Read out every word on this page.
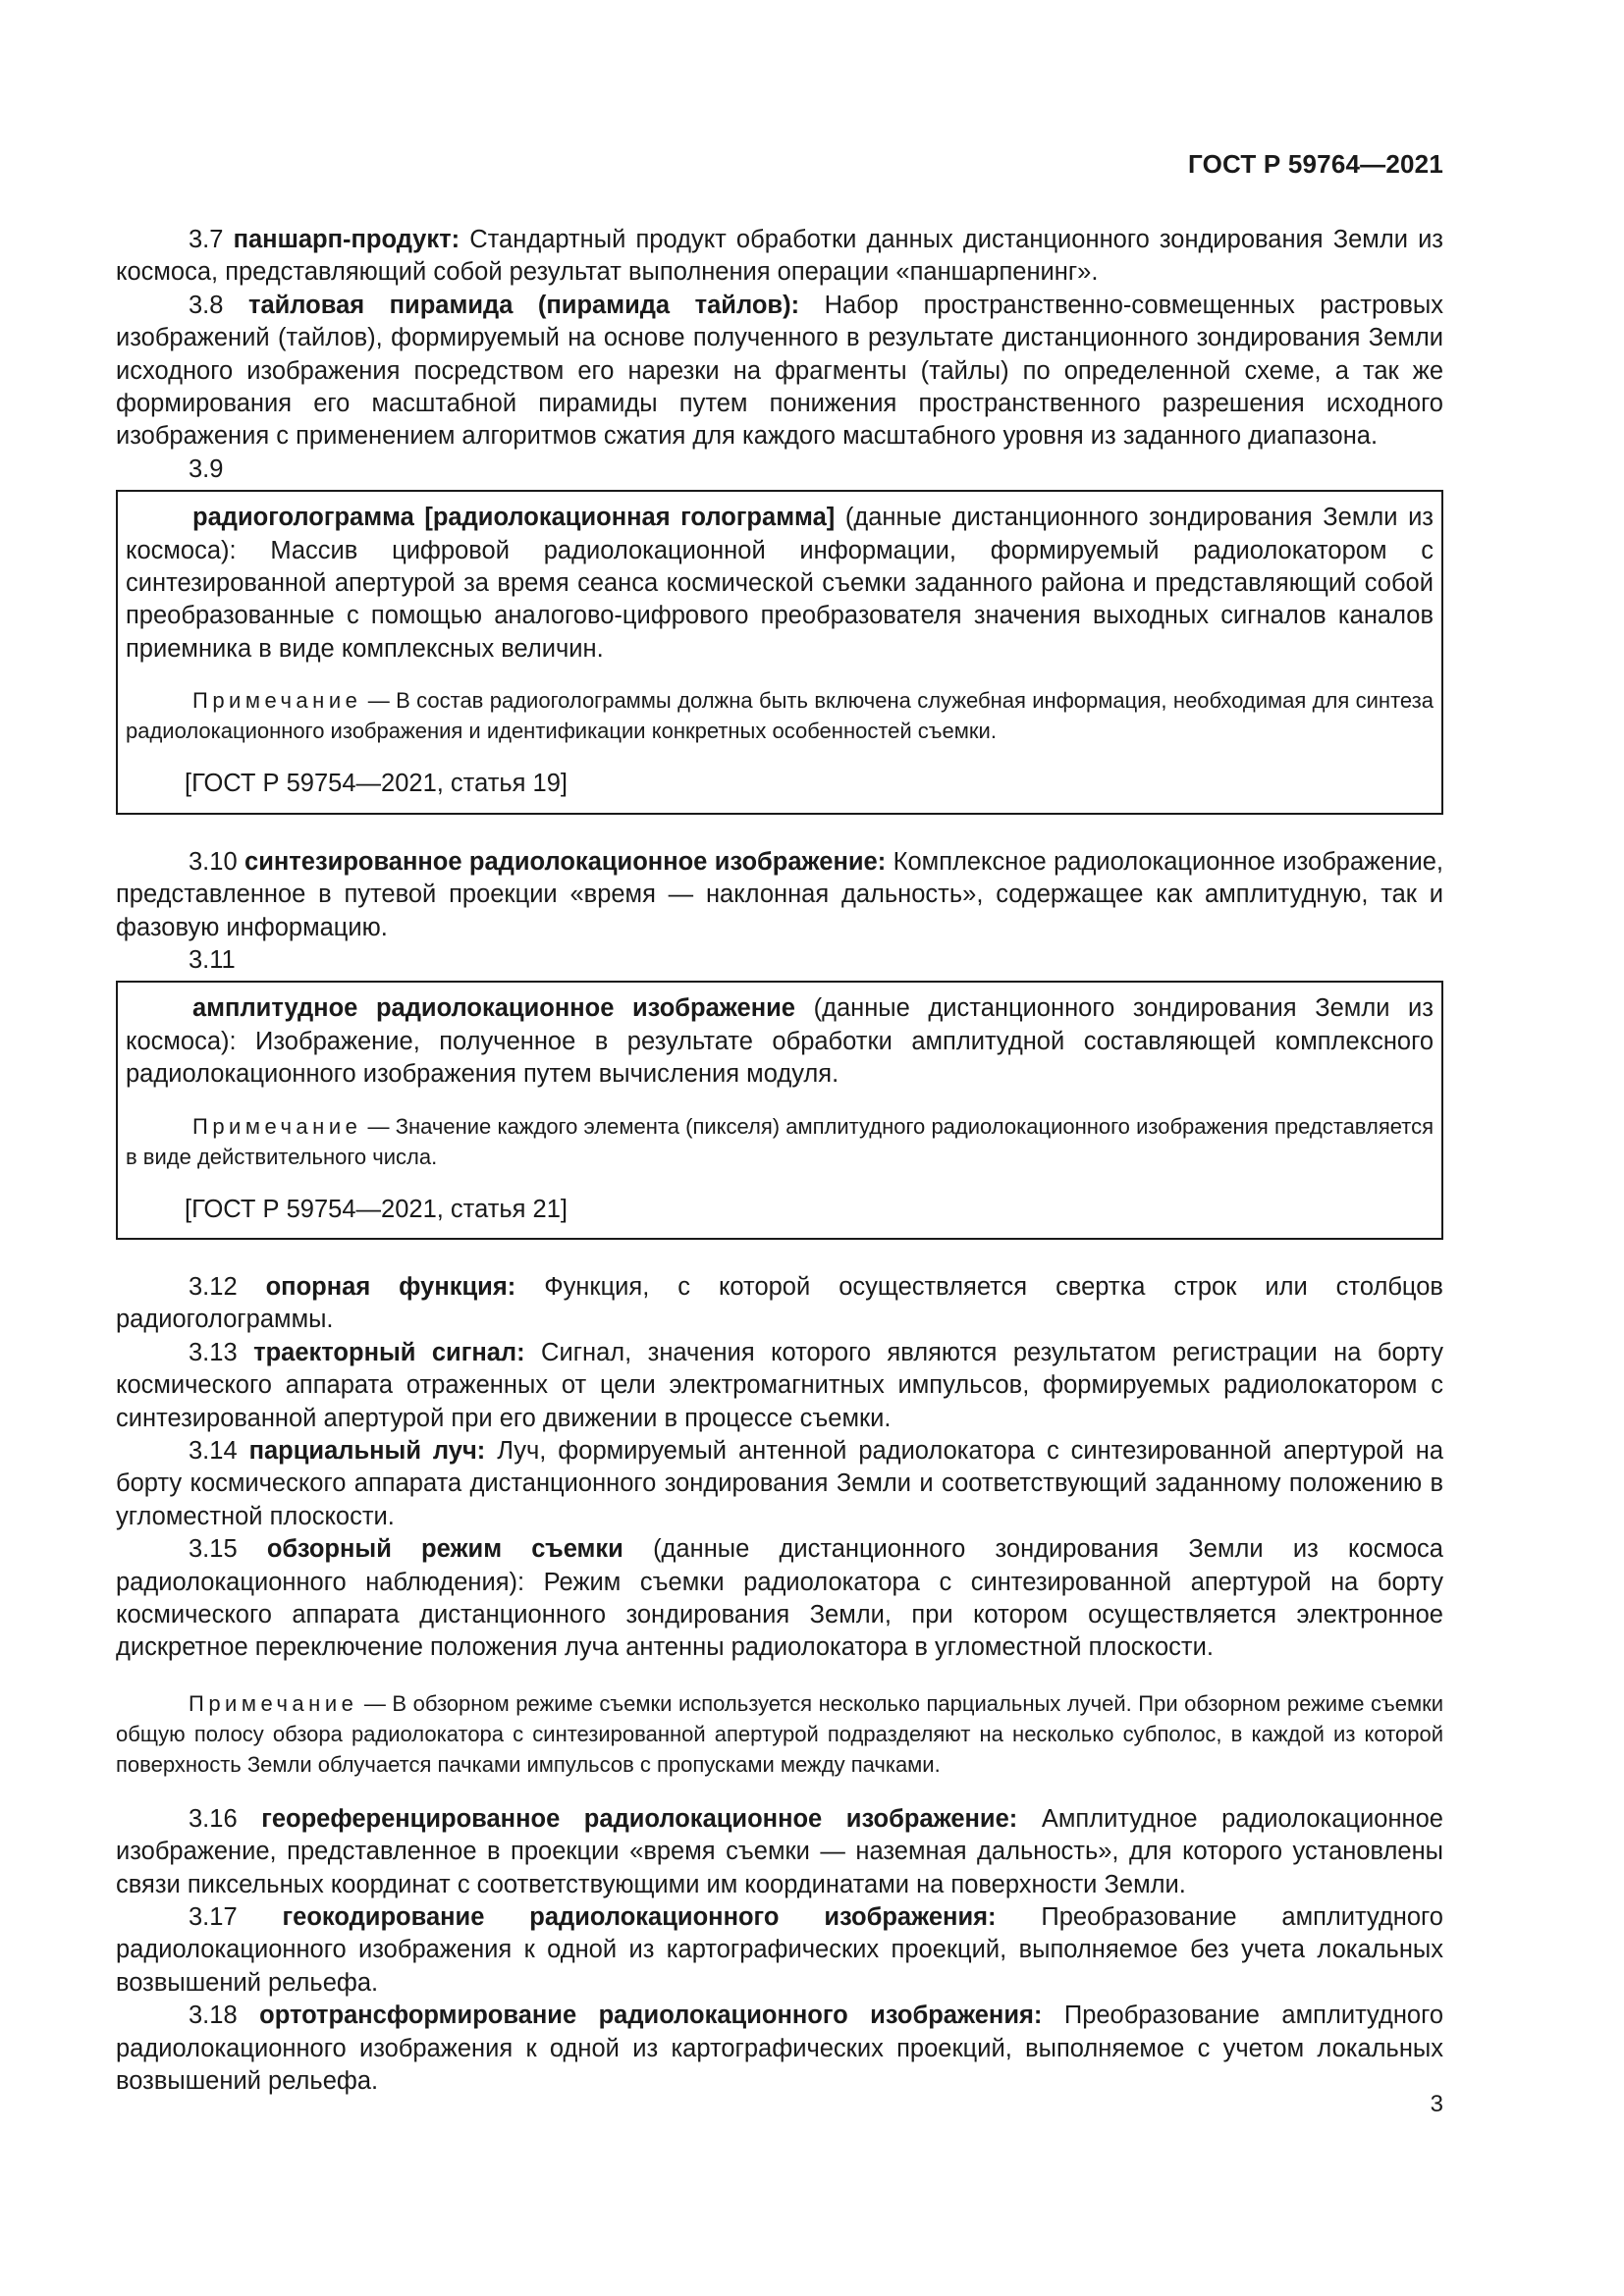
ГОСТ Р 59764—2021

3.7 паншарп-продукт: Стандартный продукт обработки данных дистанционного зондирования Земли из космоса, представляющий собой результат выполнения операции «паншарпенинг».

3.8 тайловая пирамида (пирамида тайлов): Набор пространственно-совмещенных растровых изображений (тайлов), формируемый на основе полученного в результате дистанционного зондирования Земли исходного изображения посредством его нарезки на фрагменты (тайлы) по определенной схеме, а так же формирования его масштабной пирамиды путем понижения пространственного разрешения исходного изображения с применением алгоритмов сжатия для каждого масштабного уровня из заданного диапазона.

3.9

радиоголограмма [радиолокационная голограмма] (данные дистанционного зондирования Земли из космоса): Массив цифровой радиолокационной информации, формируемый радиолокатором с синтезированной апертурой за время сеанса космической съемки заданного района и представляющий собой преобразованные с помощью аналогово-цифрового преобразователя значения выходных сигналов каналов приемника в виде комплексных величин.

Примечание — В состав радиоголограммы должна быть включена служебная информация, необходимая для синтеза радиолокационного изображения и идентификации конкретных особенностей съемки.

[ГОСТ Р 59754—2021, статья 19]

3.10 синтезированное радиолокационное изображение: Комплексное радиолокационное изображение, представленное в путевой проекции «время — наклонная дальность», содержащее как амплитудную, так и фазовую информацию.

3.11

амплитудное радиолокационное изображение (данные дистанционного зондирования Земли из космоса): Изображение, полученное в результате обработки амплитудной составляющей комплексного радиолокационного изображения путем вычисления модуля.

Примечание — Значение каждого элемента (пикселя) амплитудного радиолокационного изображения представляется в виде действительного числа.

[ГОСТ Р 59754—2021, статья 21]

3.12 опорная функция: Функция, с которой осуществляется свертка строк или столбцов радиоголограммы.

3.13 траекторный сигнал: Сигнал, значения которого являются результатом регистрации на борту космического аппарата отраженных от цели электромагнитных импульсов, формируемых радиолокатором с синтезированной апертурой при его движении в процессе съемки.

3.14 парциальный луч: Луч, формируемый антенной радиолокатора с синтезированной апертурой на борту космического аппарата дистанционного зондирования Земли и соответствующий заданному положению в угломестной плоскости.

3.15 обзорный режим съемки (данные дистанционного зондирования Земли из космоса радиолокационного наблюдения): Режим съемки радиолокатора с синтезированной апертурой на борту космического аппарата дистанционного зондирования Земли, при котором осуществляется электронное дискретное переключение положения луча антенны радиолокатора в угломестной плоскости.

Примечание — В обзорном режиме съемки используется несколько парциальных лучей. При обзорном режиме съемки общую полосу обзора радиолокатора с синтезированной апертурой подразделяют на несколько субполос, в каждой из которой поверхность Земли облучается пачками импульсов с пропусками между пачками.

3.16 геореференцированное радиолокационное изображение: Амплитудное радиолокационное изображение, представленное в проекции «время съемки — наземная дальность», для которого установлены связи пиксельных координат с соответствующими им координатами на поверхности Земли.

3.17 геокодирование радиолокационного изображения: Преобразование амплитудного радиолокационного изображения к одной из картографических проекций, выполняемое без учета локальных возвышений рельефа.

3.18 ортотрансформирование радиолокационного изображения: Преобразование амплитудного радиолокационного изображения к одной из картографических проекций, выполняемое с учетом локальных возвышений рельефа.

3
